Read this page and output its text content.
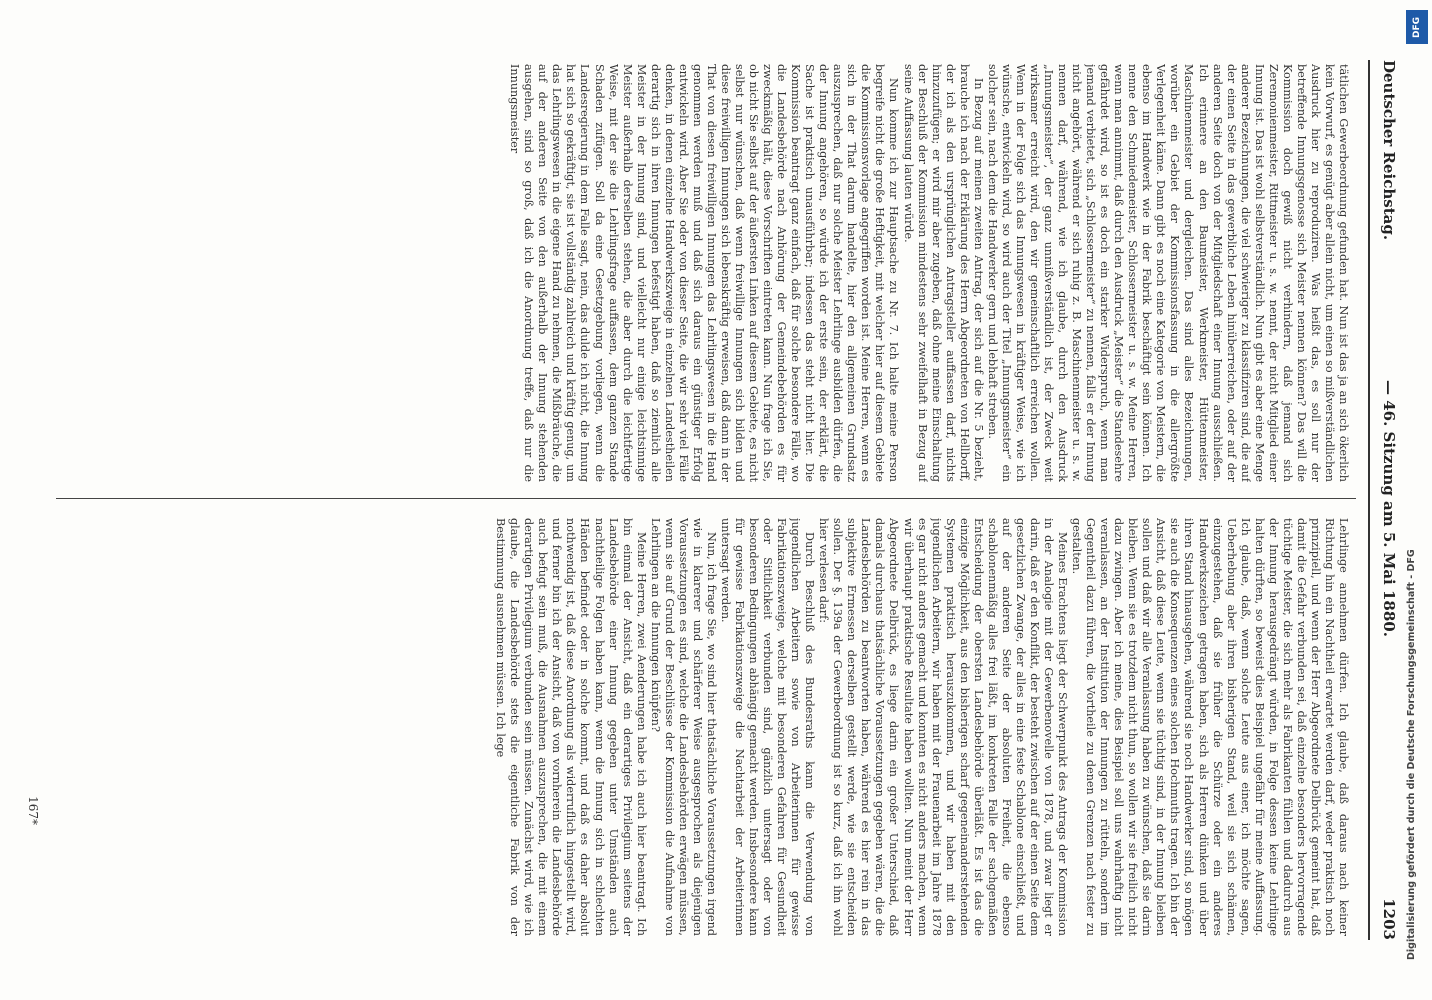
Deutscher Reichstag.
— 46. Sitzung am 5. Mai 1880.
1203

tätlichen Gewerbeordnung gefunden hat. Nun ist das ja an sich ökerlich kein Vorwurf, es genügt aber allein nicht, um einen so mißverständlichen Ausdruck hier zu reproduziren. Was heißt das, es soll nur der betreffende Innungsgenosse sich Meister nennen können? Das will die Kommission doch gewiß nicht verhindern, daß jemand sich Zeremonienmeister, Rittmeister u. s. w. nennt, der nicht Mitglied einer Innung ist. Das ist wohl selbstverständlich. Nun gibt es aber eine Menge anderer Bezeichnungen, die viel schwieriger zu klassifiziren sind, die auf der einen Seite in das gewerbliche Leben hinüberreichen, oder auf der anderen Seite doch von der Mitgliedschaft einer Innung ausschließen. Ich erinnere an den Baumeister, Werkmeister, Hüttenmeister, Maschinenmeister und dergleichen. Das sind alles Bezeichnungen, worüber ein Gebiet der Kommissionsfassung in die allergrößte Verlegenheit käme. Dann gibt es noch eine Kategorie von Meistern, die ebenso im Handwerk wie in der Fabrik beschäftigt sein können. Ich nenne den Schmiedemeister, Schlossermeister u. s. w. Meine Herren, wenn man annimmt, daß durch den Ausdruck „Meister“ die Standesehre gefährdet wird, so ist es doch ein starker Widerspruch, wenn man jemand verbietet, sich „Schlossermeister“ zu nennen, falls er der Innung nicht angehört, während er sich ruhig z. B. Maschinenmeister u. s. w. nennen darf, während, wie ich glaube, durch den Ausdruck „Innungsmeister“, der ganz unmißverständlich ist, der Zweck weit wirksamer erreicht wird, den wir gemeinschaftlich erreichen wollen. Wenn in der Folge sich das Innungswesen in kräftiger Weise, wie ich wünsche, entwickeln wird, so wird auch der Titel „Innungsmeister“ ein solcher sein, nach dem die Handwerker gern und lebhaft streben.

In Bezug auf meinen zweiten Antrag, der sich auf die Nr. 5 bezieht, brauche ich nach der Erklärung des Herrn Abgeordneten von Hellborff, der ich als den ursprünglichen Antragsteller auffassen darf, nichts hinzuzufügen; er wird mir aber zugeben, daß ohne meine Einschaltung der Beschluß der Kommission mindestens sehr zweifelhaft in Bezug auf seine Auffassung lauten würde.

Nun komme ich zur Hauptsache zu Nr. 7. Ich halte meine Person begreife nicht die große Heftigkeit, mit welcher hier auf diesem Gebiete die Kommissionsvorlage angegriffen worden ist. Meine Herren, wenn es sich in der That darum handelte, hier den allgemeinen Grundsatz auszusprechen, daß nur solche Meister Lehrlinge ausbilden dürfen, die der Innung angehören, so würde ich der erste sein, der erklärt, die Sache ist praktisch unausführbar; indessen das steht nicht hier. Die Kommission beantragt ganz einfach, daß für solche besondere Fälle, wo die Landesbehörde nach Anhörung der Gemeindebehörden es für zweckmäßig hält, diese Vorschriften eintreten kann. Nun frage ich Sie, ob nicht Sie selbst auf der äußersten Linken auf diesem Gebiete, es nicht selbst nur wünschen, daß wenn freiwillige Innungen sich bilden und diese freiwilligen Innungen sich lebenskräftig erweisen, daß dann in der That von diesen freiwilligen Innungen das Lehrlingswesen in die Hand genommen werden muß und daß sich daraus ein günstiger Erfolg entwickeln wird. Aber Sie oder von dieser Seite, die wir sehr viel Fälle denken, in denen einzelne Handwerkszweige in einzelnen Landestheilen derartig sich in ihren Innungen befestigt haben, daß so ziemlich alle Meister in der Innung sind, und vielleicht nur einige leichtsinnige Meister außerhalb derselben stehen, die aber durch die leichtfertige Weise, mit der sie die Lehrlingsfrage auffassen, dem ganzen Stande Schaden zufügen. Soll da eine Gesetzgebung vorliegen, wenn die Landesregierung in dem Falle sagt, nein, das dulde ich nicht, die Innung hat sich so gekräftigt, sie ist vollständig zahlreich und kräftig genug, um das Lehrlingswesen in die eigene Hand zu nehmen, die Mißbräuche, die auf der anderen Seite von den außerhalb der Innung stehenden ausgehen, sind so groß, daß ich die Anordnung treffe, daß nur die Innungsmeister

Lehrlinge annehmen dürfen. Ich glaube, daß daraus nach keiner Richtung hin ein Nachtheil erwartet werden darf, weder praktisch noch prinzipiell, und wenn der Herr Abgeordnete Delbrück gemeint hat, daß damit die Gefahr verbunden sei, daß einzelne besonders hervorragende tüchtige Meister, die sich mehr als Fabrikanten fühlen und dadurch aus der Innung herausgedrängt würden, in Folge dessen keine Lehrlinge halten dürften, so beweist dies Beispiel ungefähr für meine Auffassung. Ich glaube, daß, wenn solche Leute aus einer, ich möchte sagen, Ueberhebung aber ihren bisherigen Stand, weil sie sich schämen, einzugestehen, daß sie früher die Schürze oder ein anderes Handwerkszeichen getragen haben, sich als Herren dünken und über ihren Stand hinausgehen, während sie noch Handwerker sind, so mögen sie auch die Konsequenzen eines solchen Hochmuths tragen. Ich bin der Ansicht, daß diese Leute, wenn sie tüchtig sind, in der Innung bleiben sollen und daß wir alle Veranlassung haben zu wünschen, daß sie darin bleiben. Wenn sie es trotzdem nicht thun, so wollen wir sie freilich nicht dazu zwingen. Aber ich meine, dies Beispiel soll uns wahrhaftig nicht veranlassen, an der Institution der Innungen zu rütteln, sondern im Gegentheil dazu führen, die Vortheile zu denen Grenzen nach fester zu gestalten.

Meines Erachtens liegt der Schwerpunkt des Antrags der Kommission in der Analogie mit der Gewerbenovelle von 1878, und zwar liegt er darin, daß er den Konflikt, der besteht zwischen auf der einen Seite dem gesetzlichen Zwange, der alles in eine feste Schablone einschließt, und auf der anderen Seite der absoluten Freiheit, die ebenso schablonenmäßig alles frei läßt, im konkreten Falle der sachgemäßen Entscheidung der obersten Landesbehörde überläßt. Es ist das die einzige Möglichkeit, aus den bisherigen scharf gegeneinanderstehenden Systemen praktisch herauszukommen, und wir haben mit den jugendlichen Arbeitern, wir haben mit der Frauenarbeit im Jahre 1878 es gar nicht anders gemacht und konnten es nicht anders machen, wenn wir überhaupt praktische Resultate haben wollten. Nun meint der Herr Abgeordnete Delbrück, es liege darin ein großer Unterschied, daß damals durchaus thatsächliche Voraussetzungen gegeben wären, die die Landesbehörden zu beantworten haben, während es hier rein in das subjektive Ermessen derselben gestellt werde, wie sie entscheiden sollen. Der §. 139a der Gewerbeordnung ist so kurz, daß ich ihn wohl hier verlesen darf:

Durch Beschluß des Bundesraths kann die Verwendung von jugendlichen Arbeitern sowie von Arbeiterinnen für gewisse Fabrikationszweige, welche mit besonderen Gefahren für Gesundheit oder Sittlichkeit verbunden sind, gänzlich untersagt oder von besonderen Bedingungen abhängig gemacht werden. Insbesondere kann für gewisse Fabrikationszweige die Nachtarbeit der Arbeiterinnen untersagt werden.

Nun, ich frage Sie, wo sind hier thatsächliche Voraussetzungen irgend wie in klarerer und schärferer Weise ausgesprochen als diejenigen Voraussetzungen es sind, welche die Landesbehörden erwägen müssen, wenn sie auf Grund der Beschlüsse der Kommission die Aufnahme von Lehrlingen an die Innungen knüpfen?

Meine Herren, zwei Aenderungen habe ich auch hier beantragt. Ich bin einmal der Ansicht, daß ein derartiges Privilegium seitens der Landesbehörde einer Innung gegeben unter Umständen auch nachtheilige Folgen haben kann, wenn die Innung sich in schlechten Händen befindet oder in solche kommt, und daß es daher absolut nothwendig ist, daß diese Anordnung als widerruflich hingestellt wird, und ferner bin ich der Ansicht, daß von vornherein die Landesbehörde auch befugt sein muß, die Ausnahmen auszusprechen, die mit einem derartigen Privilegium verbunden sein müssen. Zunächst wird, wie ich glaube, die Landesbehörde stets die eigentliche Fabrik von der Bestimmung ausnehmen müssen. Ich lege

167*	Digitalisierung gefördert durch die Deutsche Forschungsgemeinschaft - DFG
DFG
